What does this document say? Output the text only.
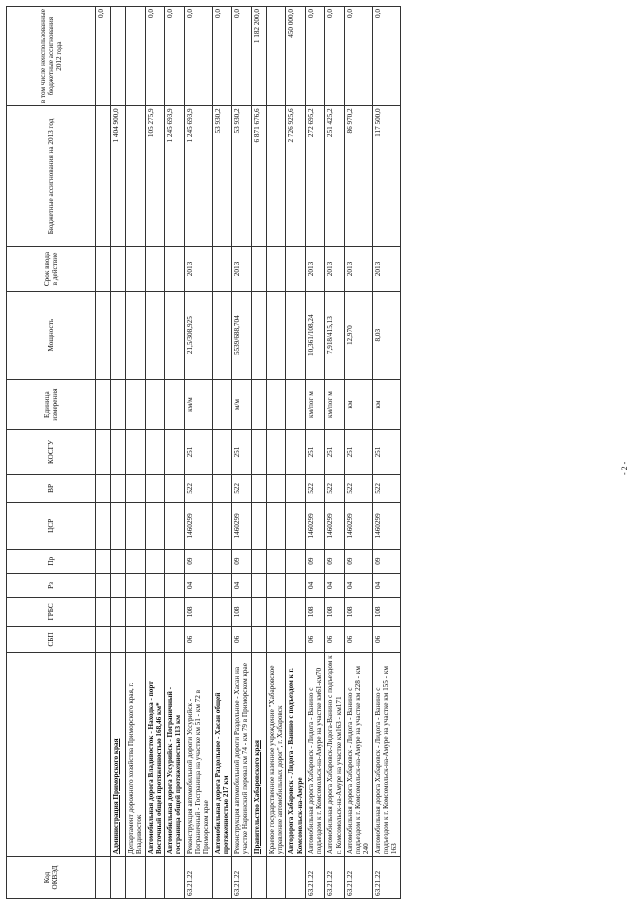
Код ОКВЭД		СБП	ГРБС	Рз	Пр	ЦСР	ВР	КОСГУ	Единица измерения	Мощность	Срок ввода в действие	Бюджетные ассигнования на 2013 год	в том числе неиспользованные бюджетные ассигнования 2012 года
													0,0
	Администрация Приморского края											1 404 900,0	
	Департамент дорожного хозяйства Приморского края, г. Владивосток												
	Автомобильная дорога Владивосток - Находка - порт Восточный общей протяженностью 168,46 км*											105 275,9	0,0
	Автомобильная дорога Уссурийск - Пограничный - госграница общей протяженностью 113 км											1 245 693,9	0,0
63.21.22	Реконструкция автомобильной дороги Уссурийск - Пограничный - Госграница на участке км 51 - км 72 в Приморском крае	06	108	04	09	1460299	522	251	км/м	21,5/308,925	2013	1 245 693,9	0,0
	Автомобильная дорога Раздольное - Хасан общей протяженностью 217 км											53 930,2	0,0
63.21.22	Реконструкция автомобильной дороги Раздольное - Хасан на участке Нарвинский перевал км 74 - км 79 в Приморском крае	06	108	04	09	1460299	522	251	м/м	5539/688,704	2013	53 930,2	0,0
	Правительство Хабаровского края											6 871 676,6	1 182 200,0
	Краевое государственное казенное учреждение "Хабаровское управление автомобильных дорог", г. Хабаровск												
	Автодорога Хабаровск - Лидога - Ванино с подъездом к г. Комсомольск-на-Амуре											2 726 925,6	450 000,0
63.21.22	Автомобильная дорога Хабаровск - Лидога - Ванино с подъездом к г. Комсомольск-на-Амуре на участке км61-км70	06	108	04	09	1460299	522	251	км/пог м	10,361/108,24	2013	272 695,2	0,0
63.21.22	Автомобильная дорога Хабаровск-Лидога-Ванино с подъездом к г. Комсомольск-на-Амуре на участке км163 - км171	06	108	04	09	1460299	522	251	км/пог м	7,918/415,13	2013	251 425,2	0,0
63.21.22	Автомобильная дорога Хабаровск - Лидога - Ванино с подъездом к г. Комсомольск-на-Амуре на участке км 228 - км 240	06	108	04	09	1460299	522	251	км	12,970	2013	86 970,2	0,0
63.21.22	Автомобильная дорога Хабаровск - Лидога - Ванино с подъездом к г. Комсомольск-на-Амуре на участке км 155 - км 163	06	108	04	09	1460299	522	251	км	8,03	2013	117 500,0	0,0
- 2 -
